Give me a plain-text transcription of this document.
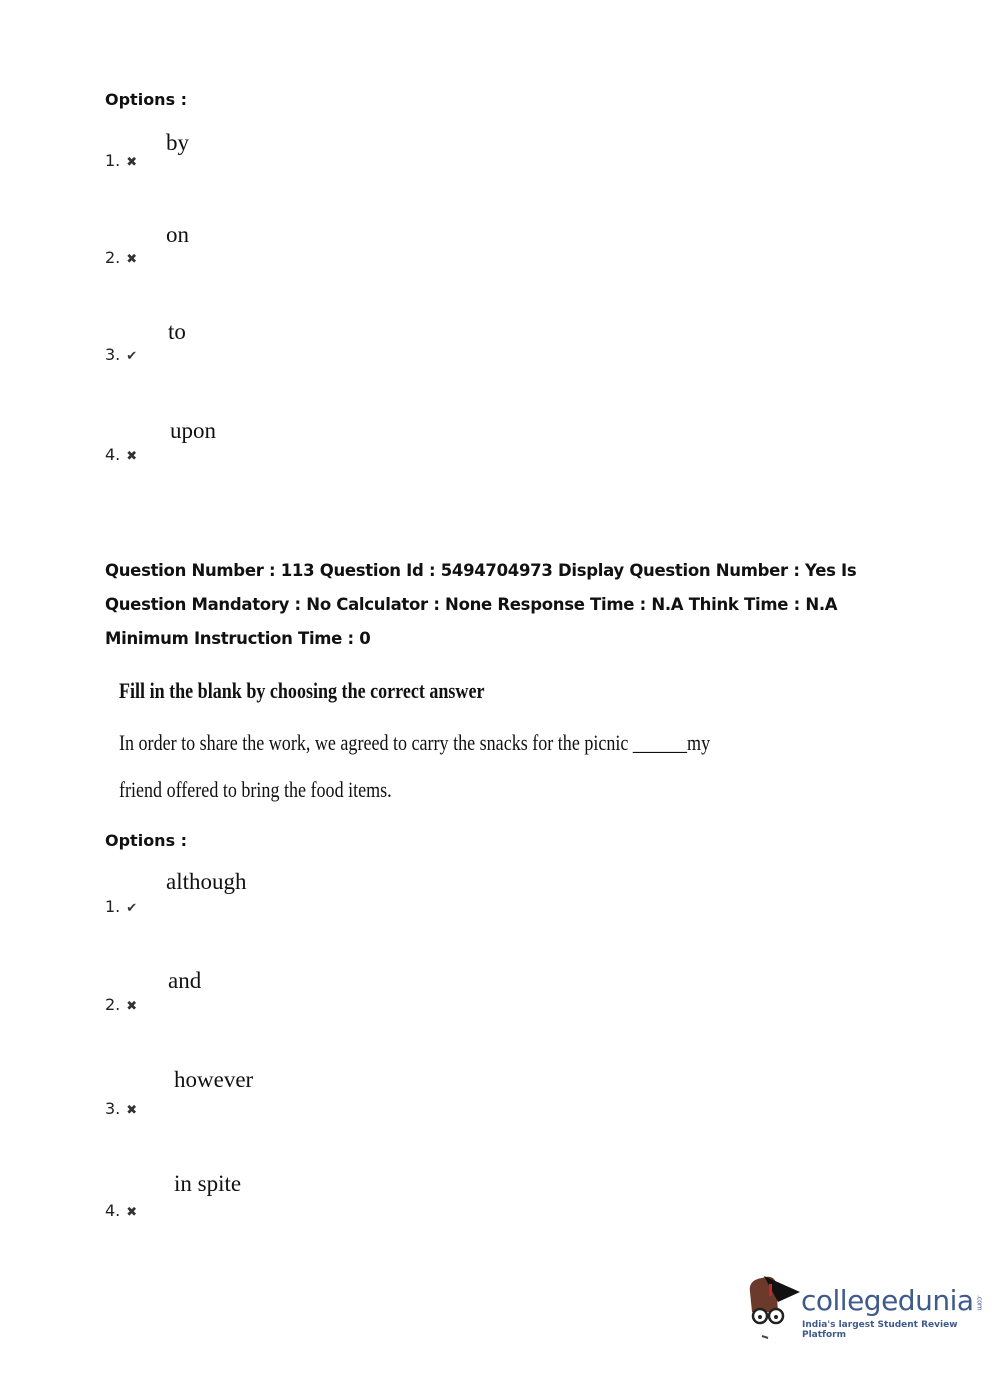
Options :
by
1. ✖
on
2. ✖
to
3. ✔
upon
4. ✖
Question Number : 113 Question Id : 5494704973 Display Question Number : Yes Is Question Mandatory : No Calculator : None Response Time : N.A Think Time : N.A Minimum Instruction Time : 0
Fill in the blank by choosing the correct answer
In order to share the work, we agreed to carry the snacks for the picnic ______my
friend offered to bring the food items.
Options :
although
1. ✔
and
2. ✖
however
3. ✖
in spite
4. ✖
collegedunia .com
India's largest Student Review Platform
